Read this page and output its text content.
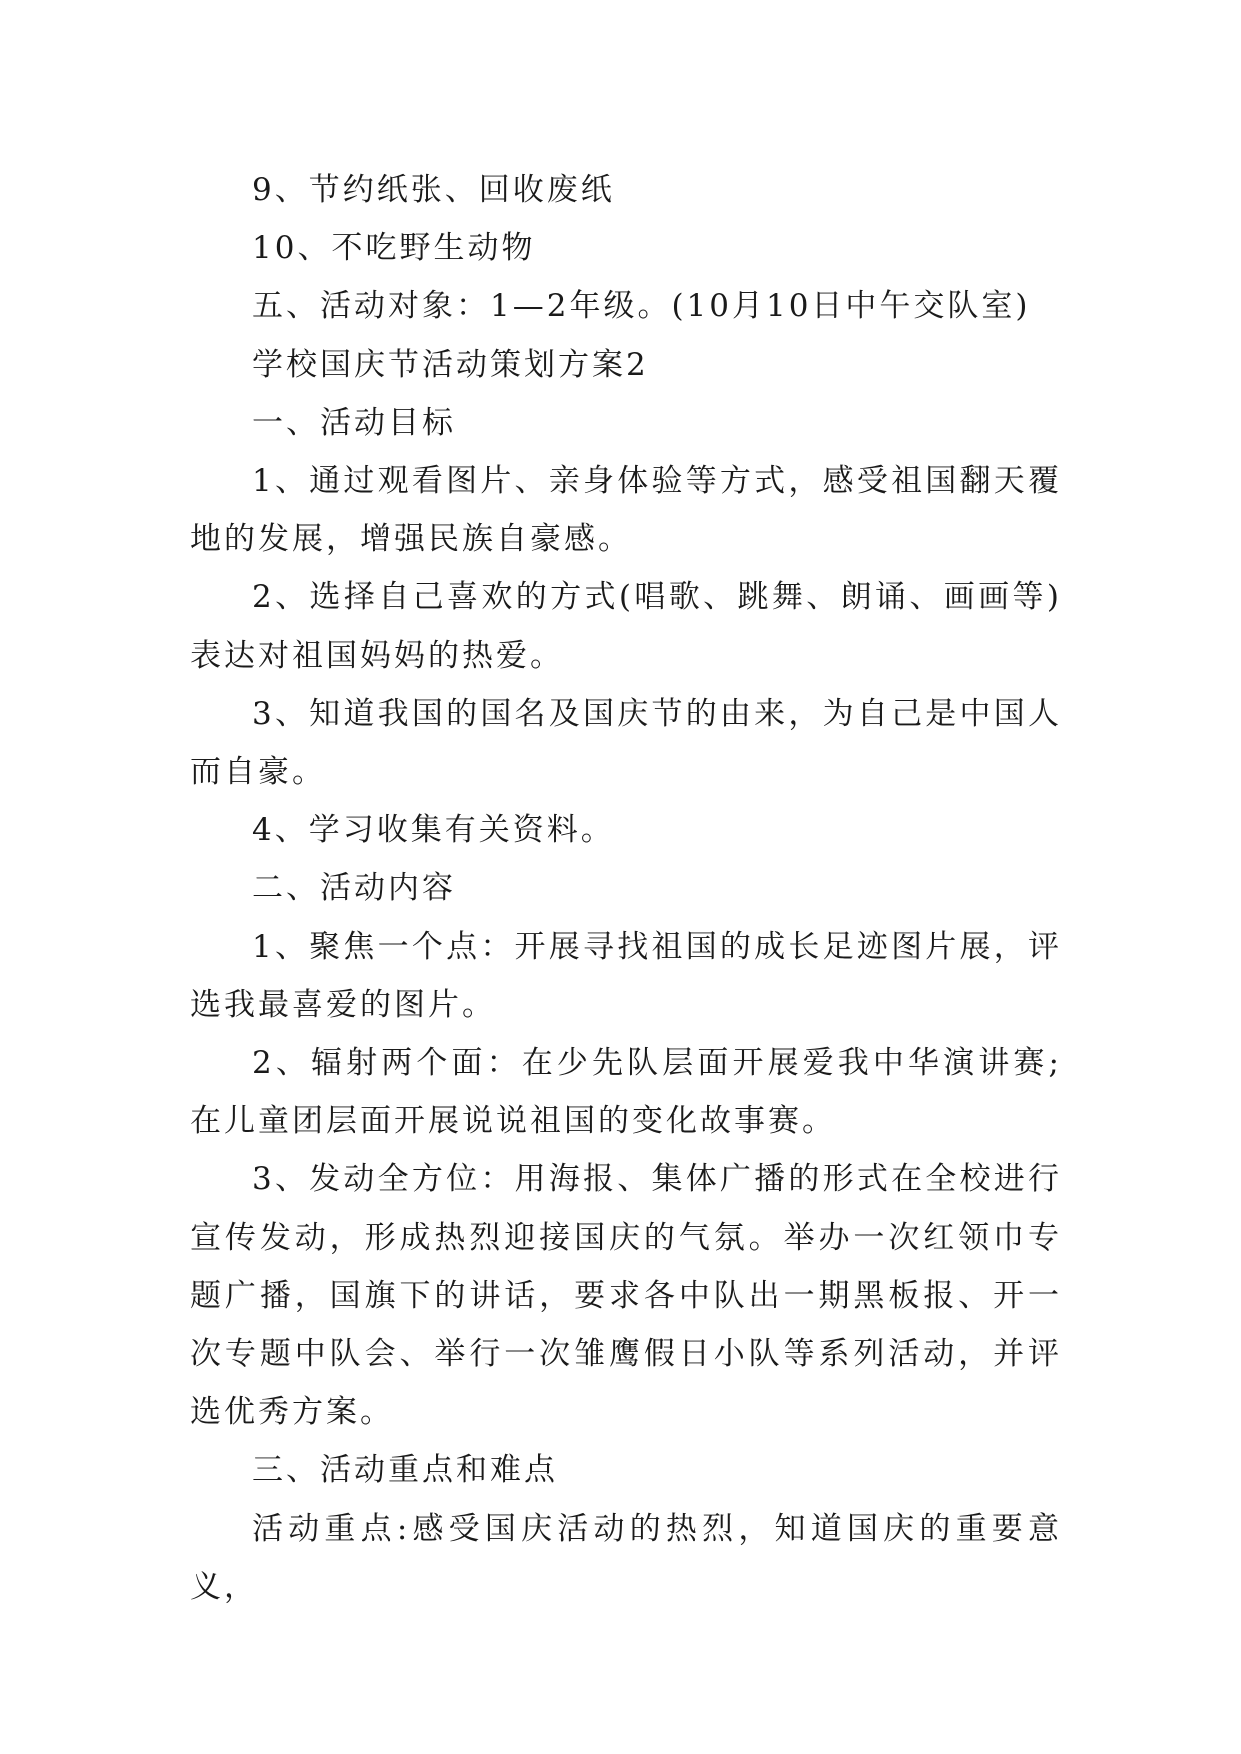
9、节约纸张、回收废纸

10、不吃野生动物

五、活动对象：1—2年级。(10月10日中午交队室)

学校国庆节活动策划方案2

一、活动目标

1、通过观看图片、亲身体验等方式，感受祖国翻天覆地的发展，增强民族自豪感。

2、选择自己喜欢的方式(唱歌、跳舞、朗诵、画画等)表达对祖国妈妈的热爱。

3、知道我国的国名及国庆节的由来，为自己是中国人而自豪。

4、学习收集有关资料。

二、活动内容

1、聚焦一个点：开展寻找祖国的成长足迹图片展，评选我最喜爱的图片。

2、辐射两个面：在少先队层面开展爱我中华演讲赛;在儿童团层面开展说说祖国的变化故事赛。

3、发动全方位：用海报、集体广播的形式在全校进行宣传发动，形成热烈迎接国庆的气氛。举办一次红领巾专题广播，国旗下的讲话，要求各中队出一期黑板报、开一次专题中队会、举行一次雏鹰假日小队等系列活动，并评选优秀方案。

三、活动重点和难点

活动重点:感受国庆活动的热烈，知道国庆的重要意义，
